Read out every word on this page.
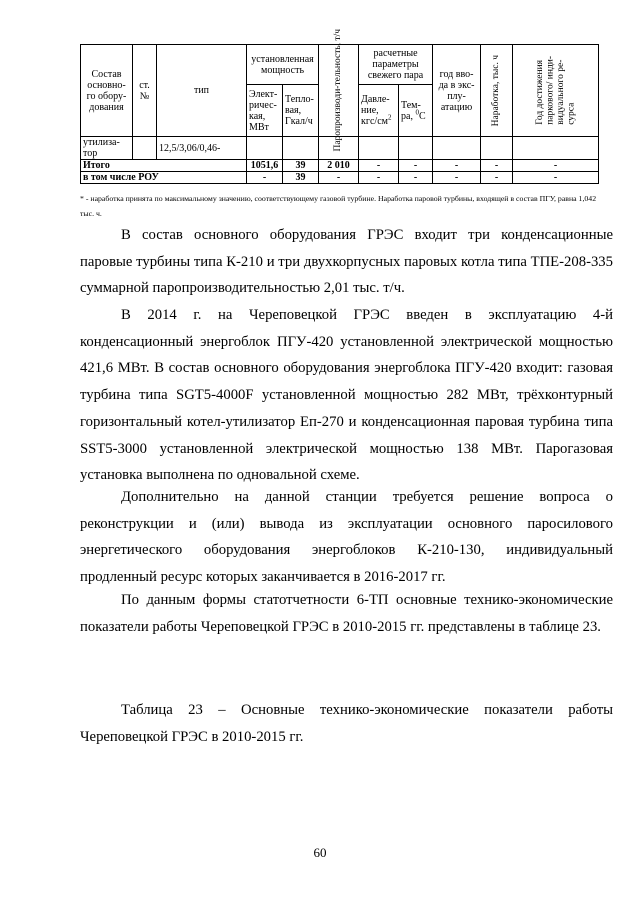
Состав основно-го обору-дования	ст. №	тип	установленная мощность		Паропроизводи-тельность, т/ч	расчетные параметры свежего пара		год вво-да в экс-плу-атацию	Наработка, тыс. ч	Год достижения
паркового/ инди-
видуального ре-
сурса

			Элект-ричес-кая, МВт	Тепло-вая, Гкал/ч		Давле-ние, кгс/$см^2$	Тем-ра, $^0$С			
утилиза-тор		12,5/3,06/0,46-								
Итого			1051,6	39	2 010	-	-	-	-	-
в том числе РОУ			-	39	-	-	-	-	-	-
* - наработка принята по максимальному значению, соответствующему газовой турбине. Наработка паровой турбины, входящей в состав ПГУ, равна 1,042 тыс. ч.

В состав основного оборудования ГРЭС входит три конденсационные паровые турбины типа К-210 и три двухкорпусных паровых котла типа ТПЕ-208-335 суммарной паропроизводительностью 2,01 тыс. т/ч.

В 2014 г. на Череповецкой ГРЭС введен в эксплуатацию 4-й конденсационный энергоблок ПГУ-420 установленной электрической мощностью 421,6 МВт. В состав основного оборудования энергоблока ПГУ-420 входит: газовая турбина типа SGT5-4000F установленной мощностью 282 МВт, трёхконтурный горизонтальный котел-утилизатор Еп-270 и конденсационная паровая турбина типа SST5-3000 установленной электрической мощностью 138 МВт. Парогазовая установка выполнена по одновальной схеме.

Дополнительно на данной станции требуется решение вопроса о реконструкции и (или) вывода из эксплуатации основного паросилового энергетического оборудования энергоблоков К-210-130, индивидуальный продленный ресурс которых заканчивается в 2016-2017 гг.

По данным формы статотчетности 6-ТП основные технико-экономические показатели работы Череповецкой ГРЭС в 2010-2015 гг. представлены в таблице 23.

Таблица 23 – Основные технико-экономические показатели работы Череповецкой ГРЭС в 2010-2015 гг.

60
